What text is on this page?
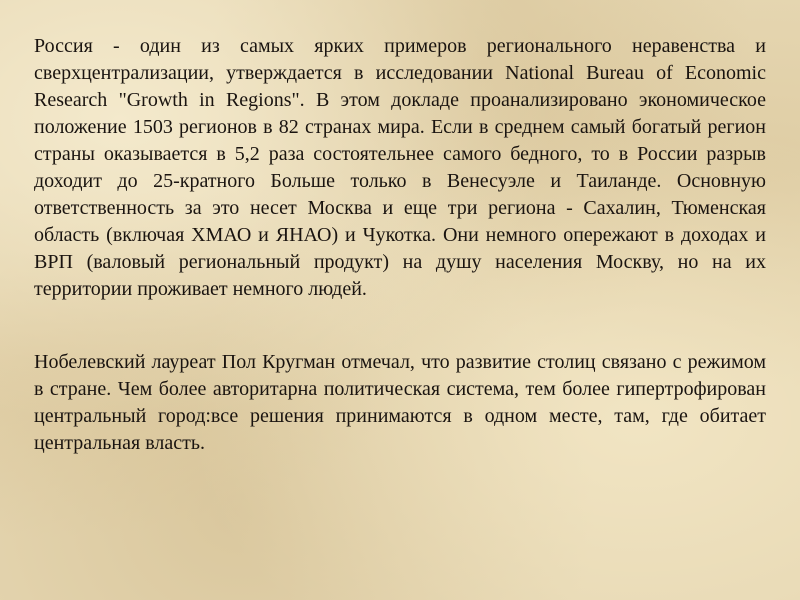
Россия - один из самых ярких примеров регионального неравенства и сверхцентрализации, утверждается в исследовании National Bureau of Economic Research "Growth in Regions". В этом докладе проанализировано экономическое положение 1503 регионов в 82 странах мира. Если в среднем самый богатый регион страны оказывается в 5,2 раза состоятельнее самого бедного, то в России разрыв доходит до 25-кратного Больше только в Венесуэле и Таиланде. Основную ответственность за это несет Москва и еще три региона - Сахалин, Тюменская область (включая ХМАО и ЯНАО) и Чукотка. Они немного опережают в доходах и ВРП (валовый региональный продукт) на душу населения Москву, но на их территории проживает немного людей.

Нобелевский лауреат Пол Кругман отмечал, что развитие столиц связано с режимом в стране. Чем более авторитарна политическая система, тем более гипертрофирован центральный город:все решения принимаются в одном месте, там, где обитает центральная власть.
